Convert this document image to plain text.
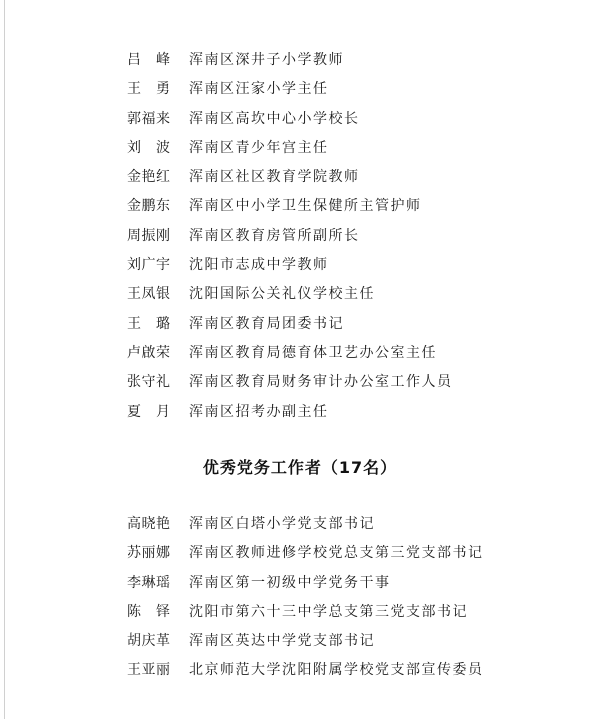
吕　峰	浑南区深井子小学教师
王　勇	浑南区汪家小学主任
郭福来	浑南区高坎中心小学校长
刘　波	浑南区青少年宫主任
金艳红	浑南区社区教育学院教师
金鹏东	浑南区中小学卫生保健所主管护师
周振刚	浑南区教育房管所副所长
刘广宇	沈阳市志成中学教师
王凤银	沈阳国际公关礼仪学校主任
王　璐	浑南区教育局团委书记
卢啟荣	浑南区教育局德育体卫艺办公室主任
张守礼	浑南区教育局财务审计办公室工作人员
夏　月	浑南区招考办副主任
优秀党务工作者（17名）
高晓艳	浑南区白塔小学党支部书记
苏丽娜	浑南区教师进修学校党总支第三党支部书记
李琳瑶	浑南区第一初级中学党务干事
陈　铎	沈阳市第六十三中学总支第三党支部书记
胡庆革	浑南区英达中学党支部书记
王亚丽	北京师范大学沈阳附属学校党支部宣传委员
